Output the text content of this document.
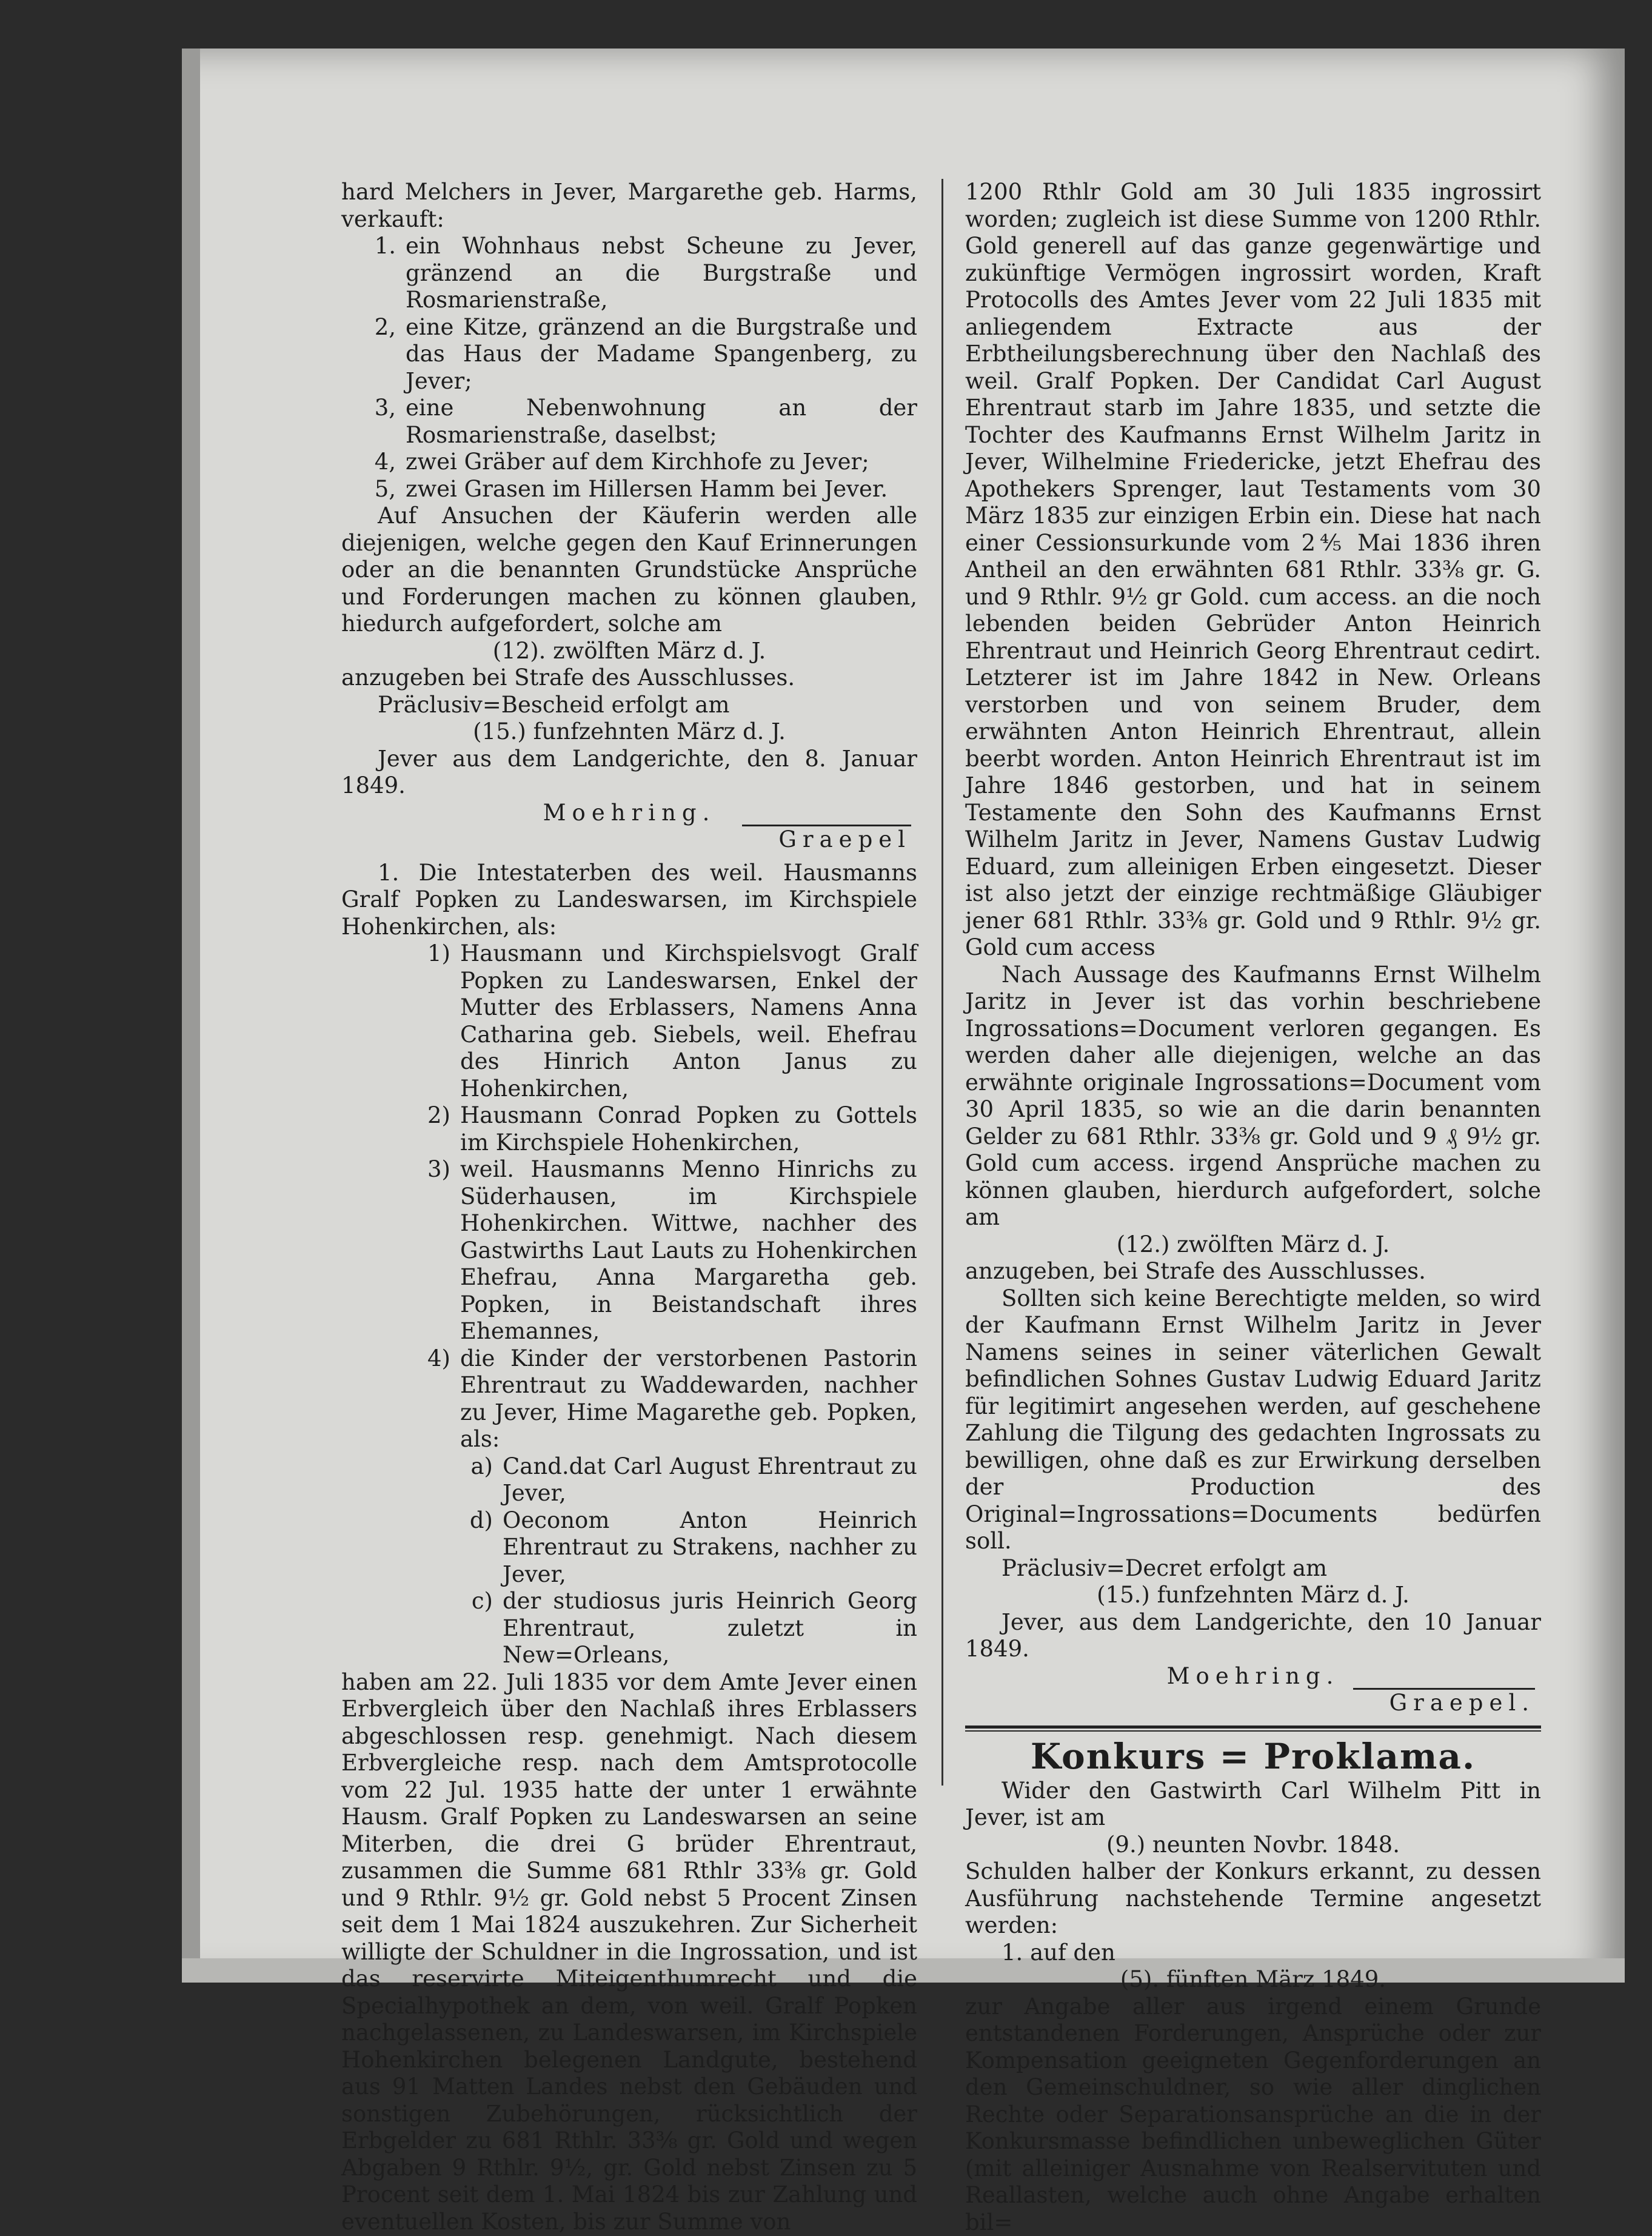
hard Melchers in Jever, Margarethe geb. Harms, verkauft:

1. ein Wohnhaus nebst Scheune zu Jever, gränzend an die Burgstraße und Rosmarienstraße,
2, eine Kitze, gränzend an die Burgstraße und das Haus der Madame Spangenberg, zu Jever;
3, eine Nebenwohnung an der Rosmarienstraße, daselbst;
4, zwei Gräber auf dem Kirchhofe zu Jever;
5, zwei Grasen im Hillersen Hamm bei Jever.

Auf Ansuchen der Käuferin werden alle diejenigen, welche gegen den Kauf Erinnerungen oder an die benannten Grundstücke Ansprüche und Forderungen machen zu können glauben, hiedurch aufgefordert, solche am

(12). zwölften März d. J.

anzugeben bei Strafe des Ausschlusses.

Präclusiv=Bescheid erfolgt am

(15.) funfzehnten März d. J.

Jever aus dem Landgerichte, den 8. Januar 1849.

Moehring.

Graepel

1. Die Intestaterben des weil. Hausmanns Gralf Popken zu Landeswarsen, im Kirchspiele Hohenkirchen, als:

1) Hausmann und Kirchspielsvogt Gralf Popken zu Landeswarsen, Enkel der Mutter des Erblassers, Namens Anna Catharina geb. Siebels, weil. Ehefrau des Hinrich Anton Janus zu Hohenkirchen,
2) Hausmann Conrad Popken zu Gottels im Kirchspiele Hohenkirchen,
3) weil. Hausmanns Menno Hinrichs zu Süderhausen, im Kirchspiele Hohenkirchen. Wittwe, nachher des Gastwirths Laut Lauts zu Hohenkirchen Ehefrau, Anna Margaretha geb. Popken, in Beistandschaft ihres Ehemannes,
4) die Kinder der verstorbenen Pastorin Ehrentraut zu Waddewarden, nachher zu Jever, Hime Magarethe geb. Popken, als:
a) Cand.dat Carl August Ehrentraut zu Jever,
d) Oeconom Anton Heinrich Ehrentraut zu Strakens, nachher zu Jever,
c) der studiosus juris Heinrich Georg Ehrentraut, zuletzt in New=Orleans,

haben am 22. Juli 1835 vor dem Amte Jever einen Erbvergleich über den Nachlaß ihres Erblassers abgeschlossen resp. genehmigt. Nach diesem Erbvergleiche resp. nach dem Amtsprotocolle vom 22 Jul. 1935 hatte der unter 1 erwähnte Hausm. Gralf Popken zu Landeswarsen an seine Miterben, die drei G brüder Ehrentraut, zusammen die Summe 681 Rthlr 33⅜ gr. Gold und 9 Rthlr. 9½ gr. Gold nebst 5 Procent Zinsen seit dem 1 Mai 1824 auszukehren. Zur Sicherheit willigte der Schuldner in die Ingrossation, und ist das reservirte Miteigenthumrecht und die Specialhypothek an dem, von weil. Gralf Popken nachgelassenen, zu Landeswarsen, im Kirchspiele Hohenkirchen belegenen Landgute, bestehend aus 91 Matten Landes nebst den Gebäuden und sonstigen Zubehörungen, rücksichtlich der Erbgelder zu 681 Rthlr. 33⅜ gr. Gold und wegen Abgaben 9 Rthlr. 9½, gr. Gold nebst Zinsen zu 5 Procent seit dem 1. Mai 1824 bis zur Zahlung und eventuellen Kosten, bis zur Summe von

1200 Rthlr Gold am 30 Juli 1835 ingrossirt worden; zugleich ist diese Summe von 1200 Rthlr. Gold generell auf das ganze gegenwärtige und zukünftige Vermögen ingrossirt worden, Kraft Protocolls des Amtes Jever vom 22 Juli 1835 mit anliegendem Extracte aus der Erbtheilungsberechnung über den Nachlaß des weil. Gralf Popken. Der Candidat Carl August Ehrentraut starb im Jahre 1835, und setzte die Tochter des Kaufmanns Ernst Wilhelm Jaritz in Jever, Wilhelmine Friedericke, jetzt Ehefrau des Apothekers Sprenger, laut Testaments vom 30 März 1835 zur einzigen Erbin ein. Diese hat nach einer Cessionsurkunde vom 2⅘ Mai 1836 ihren Antheil an den erwähnten 681 Rthlr. 33⅜ gr. G. und 9 Rthlr. 9½ gr Gold. cum access. an die noch lebenden beiden Gebrüder Anton Heinrich Ehrentraut und Heinrich Georg Ehrentraut cedirt. Letzterer ist im Jahre 1842 in New. Orleans verstorben und von seinem Bruder, dem erwähnten Anton Heinrich Ehrentraut, allein beerbt worden. Anton Heinrich Ehrentraut ist im Jahre 1846 gestorben, und hat in seinem Testamente den Sohn des Kaufmanns Ernst Wilhelm Jaritz in Jever, Namens Gustav Ludwig Eduard, zum alleinigen Erben eingesetzt. Dieser ist also jetzt der einzige rechtmäßige Gläubiger jener 681 Rthlr. 33⅜ gr. Gold und 9 Rthlr. 9½ gr. Gold cum access

Nach Aussage des Kaufmanns Ernst Wilhelm Jaritz in Jever ist das vorhin beschriebene Ingrossations=Document verloren gegangen. Es werden daher alle diejenigen, welche an das erwähnte originale Ingrossations=Document vom 30 April 1835, so wie an die darin benannten Gelder zu 681 Rthlr. 33⅜ gr. Gold und 9 ₰ 9½ gr. Gold cum access. irgend Ansprüche machen zu können glauben, hierdurch aufgefordert, solche am

(12.) zwölften März d. J.

anzugeben, bei Strafe des Ausschlusses.

Sollten sich keine Berechtigte melden, so wird der Kaufmann Ernst Wilhelm Jaritz in Jever Namens seines in seiner väterlichen Gewalt befindlichen Sohnes Gustav Ludwig Eduard Jaritz für legitimirt angesehen werden, auf geschehene Zahlung die Tilgung des gedachten Ingrossats zu bewilligen, ohne daß es zur Erwirkung derselben der Production des Original=Ingrossations=Documents bedürfen soll.

Präclusiv=Decret erfolgt am

(15.) funfzehnten März d. J.

Jever, aus dem Landgerichte, den 10 Januar 1849.

Moehring.

Graepel.

Konkurs = Proklama.

Wider den Gastwirth Carl Wilhelm Pitt in Jever, ist am

(9.) neunten Novbr. 1848.

Schulden halber der Konkurs erkannt, zu dessen Ausführung nachstehende Termine angesetzt werden:

1. auf den

(5). fünften März 1849.

zur Angabe aller aus irgend einem Grunde entstandenen Forderungen, Ansprüche oder zur Kompensation geeigneten Gegenforderungen an den Gemeinschuldner, so wie aller dinglichen Rechte oder Separationsansprüche an die in der Konkursmasse befindlichen unbeweglichen Güter (mit alleiniger Ausnahme von Realservituten und Reallasten, welche auch ohne Angabe erhalten bil=
